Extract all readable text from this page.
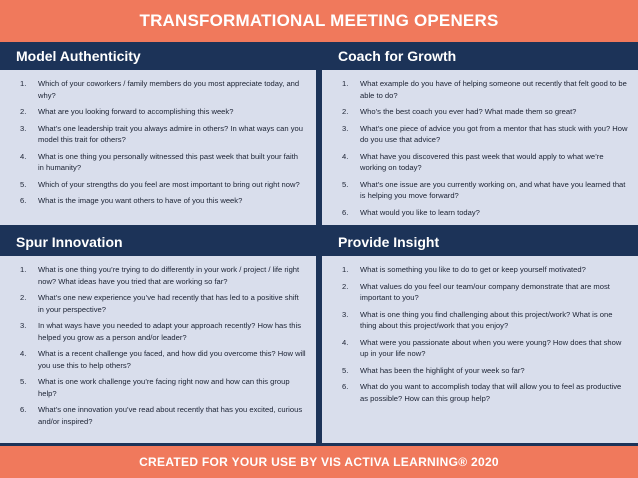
TRANSFORMATIONAL MEETING OPENERS
Model Authenticity
1. Which of your coworkers / family members do you most appreciate today, and why?
2. What are you looking forward to accomplishing this week?
3. What’s one leadership trait you always admire in others? In what ways can you model this trait for others?
4. What is one thing you personally witnessed this past week that built your faith in humanity?
5. Which of your strengths do you feel are most important to bring out right now?
6. What is the image you want others to have of you this week?
Coach for Growth
1. What example do you have of helping someone out recently that felt good to be able to do?
2. Who’s the best coach you ever had? What made them so great?
3. What’s one piece of advice you got from a mentor that has stuck with you? How do you use that advice?
4. What have you discovered this past week that would apply to what we’re working on today?
5. What’s one issue are you currently working on, and what have you learned that is helping you move forward?
6. What would you like to learn today?
Spur Innovation
1. What is one thing you’re trying to do differently in your work / project / life right now? What ideas have you tried that are working so far?
2. What’s one new experience you’ve had recently that has led to a positive shift in your perspective?
3. In what ways have you needed to adapt your approach recently? How has this helped you grow as a person and/or leader?
4. What is a recent challenge you faced, and how did you overcome this? How will you use this to help others?
5. What is one work challenge you’re facing right now and how can this group help?
6. What’s one innovation you’ve read about recently that has you excited, curious and/or inspired?
Provide Insight
1. What is something you like to do to get or keep yourself motivated?
2. What values do you feel our team/our company demonstrate that are most important to you?
3. What is one thing you find challenging about this project/work? What is one thing about this project/work that you enjoy?
4. What were you passionate about when you were young? How does that show up in your life now?
5. What has been the highlight of your week so far?
6. What do you want to accomplish today that will allow you to feel as productive as possible? How can this group help?
CREATED FOR YOUR USE BY VIS ACTIVA LEARNING® 2020
